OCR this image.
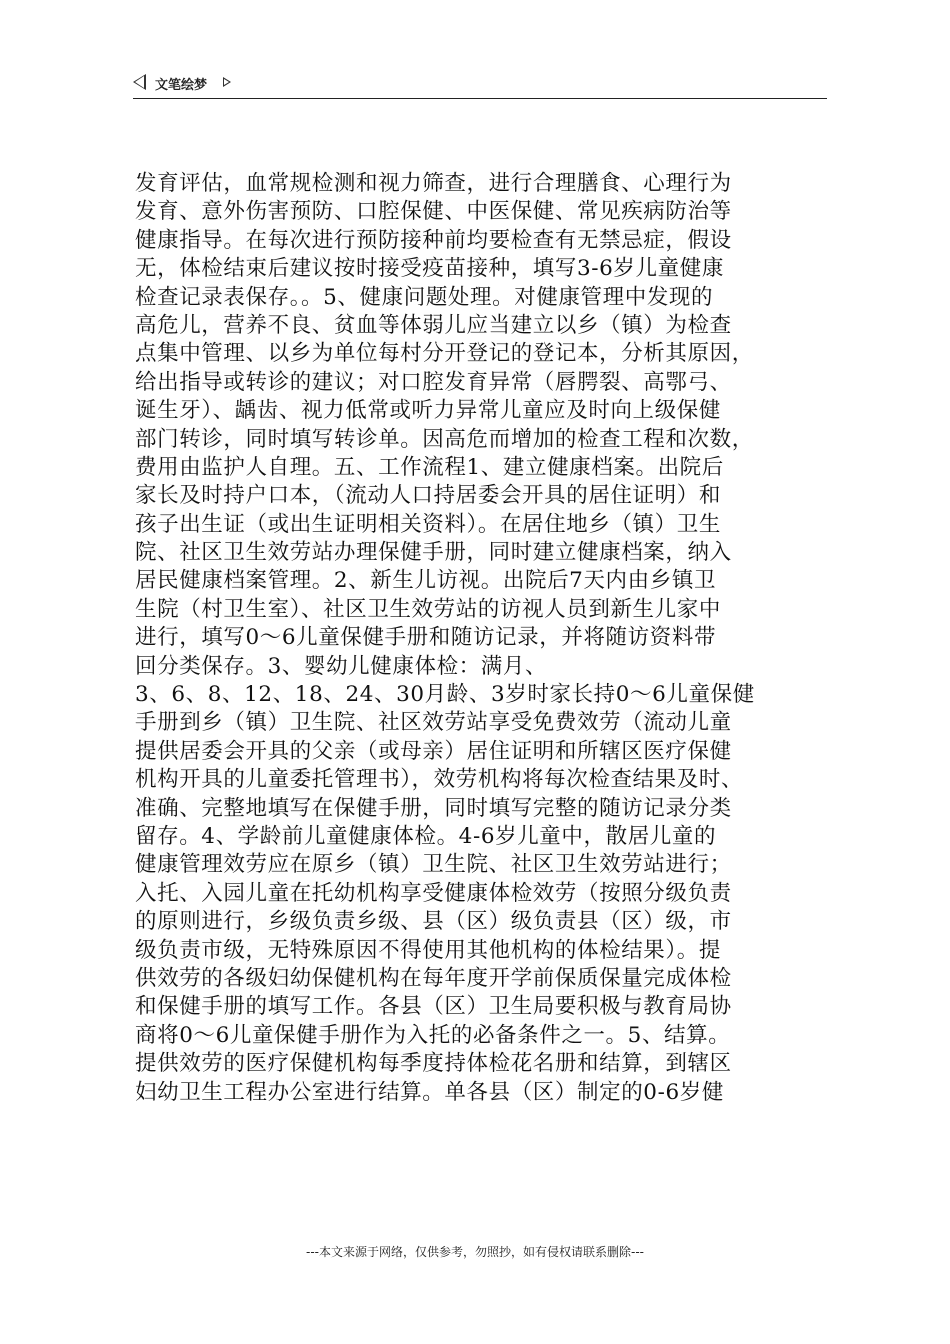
文笔绘梦
发育评估，血常规检测和视力筛查，进行合理膳食、心理行为
发育、意外伤害预防、口腔保健、中医保健、常见疾病防治等
健康指导。在每次进行预防接种前均要检查有无禁忌症，假设
无，体检结束后建议按时接受疫苗接种，填写3-6岁儿童健康
检查记录表保存。。5、健康问题处理。对健康管理中发现的
高危儿，营养不良、贫血等体弱儿应当建立以乡（镇）为检查
点集中管理、以乡为单位每村分开登记的登记本，分析其原因，
给出指导或转诊的建议；对口腔发育异常（唇腭裂、高鄂弓、
诞生牙）、龋齿、视力低常或听力异常儿童应及时向上级保健
部门转诊，同时填写转诊单。因高危而增加的检查工程和次数，
费用由监护人自理。五、工作流程1、建立健康档案。出院后
家长及时持户口本，（流动人口持居委会开具的居住证明）和
孩子出生证（或出生证明相关资料）。在居住地乡（镇）卫生
院、社区卫生效劳站办理保健手册，同时建立健康档案，纳入
居民健康档案管理。2、新生儿访视。出院后7天内由乡镇卫
生院（村卫生室）、社区卫生效劳站的访视人员到新生儿家中
进行，填写0～6儿童保健手册和随访记录，并将随访资料带
回分类保存。3、婴幼儿健康体检：满月、
3、6、8、12、18、24、30月龄、3岁时家长持0～6儿童保健
手册到乡（镇）卫生院、社区效劳站享受免费效劳（流动儿童
提供居委会开具的父亲（或母亲）居住证明和所辖区医疗保健
机构开具的儿童委托管理书），效劳机构将每次检查结果及时、
准确、完整地填写在保健手册，同时填写完整的随访记录分类
留存。4、学龄前儿童健康体检。4-6岁儿童中，散居儿童的
健康管理效劳应在原乡（镇）卫生院、社区卫生效劳站进行；
入托、入园儿童在托幼机构享受健康体检效劳（按照分级负责
的原则进行，乡级负责乡级、县（区）级负责县（区）级，市
级负责市级，无特殊原因不得使用其他机构的体检结果）。提
供效劳的各级妇幼保健机构在每年度开学前保质保量完成体检
和保健手册的填写工作。各县（区）卫生局要积极与教育局协
商将0～6儿童保健手册作为入托的必备条件之一。5、结算。
提供效劳的医疗保健机构每季度持体检花名册和结算，到辖区
妇幼卫生工程办公室进行结算。单各县（区）制定的0-6岁健
---本文来源于网络，仅供参考，勿照抄，如有侵权请联系删除---
